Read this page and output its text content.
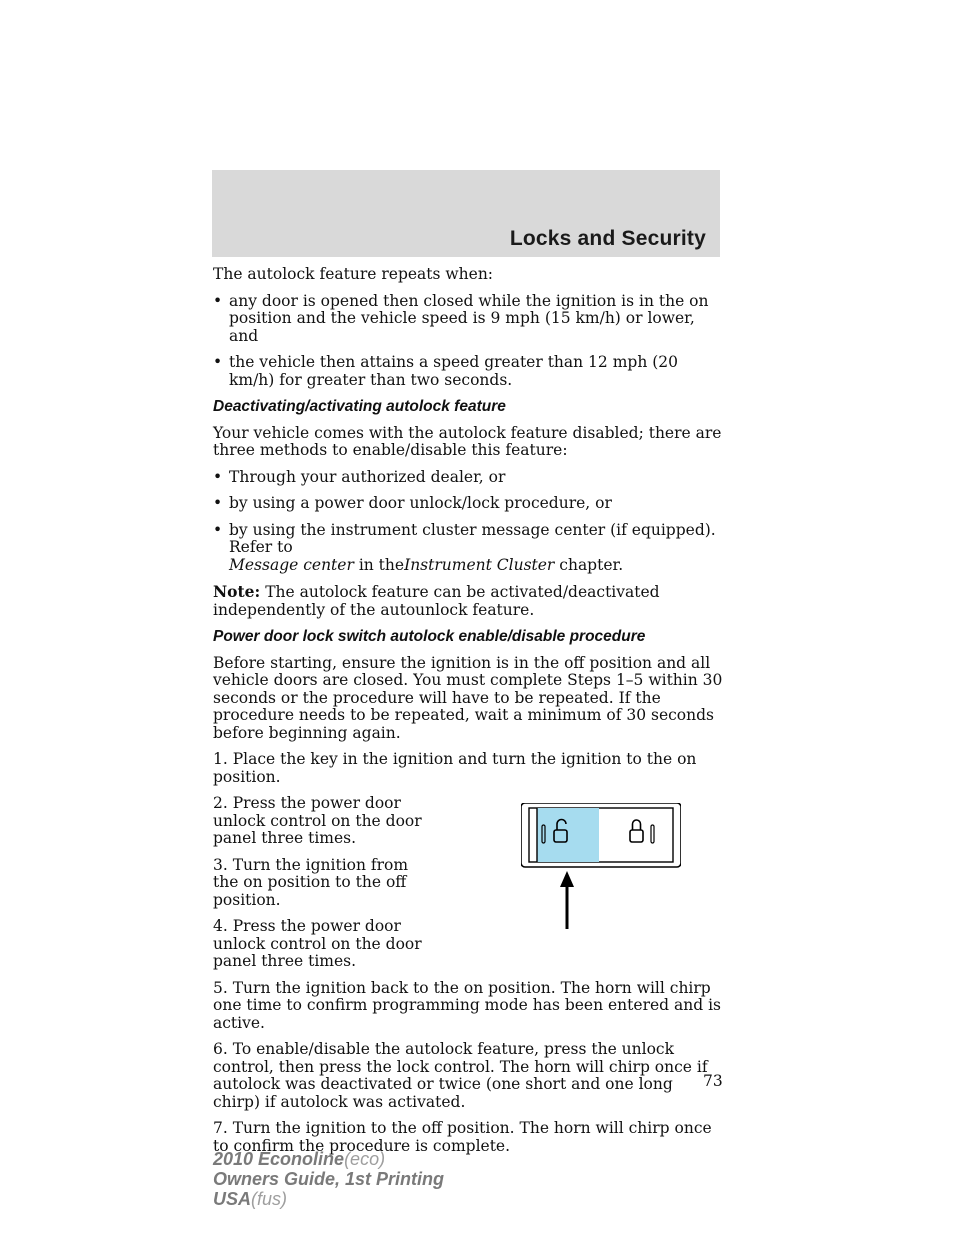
Locks and Security

The autolock feature repeats when:

• any door is opened then closed while the ignition is in the on position and the vehicle speed is 9 mph (15 km/h) or lower, and
• the vehicle then attains a speed greater than 12 mph (20 km/h) for greater than two seconds.
Deactivating/activating autolock feature

Your vehicle comes with the autolock feature disabled; there are three methods to enable/disable this feature:

• Through your authorized dealer, or
• by using a power door unlock/lock procedure, or
• by using the instrument cluster message center (if equipped). Refer to
Message center in theInstrument Cluster chapter.

Note: The autolock feature can be activated/deactivated independently of the autounlock feature.

Power door lock switch autolock enable/disable procedure

Before starting, ensure the ignition is in the off position and all vehicle doors are closed. You must complete Steps 1–5 within 30 seconds or the procedure will have to be repeated. If the procedure needs to be repeated, wait a minimum of 30 seconds before beginning again.

1. Place the key in the ignition and turn the ignition to the on position.

2. Press the power door unlock control on the door panel three times.

3. Turn the ignition from the on position to the off position.

4. Press the power door unlock control on the door panel three times.

5. Turn the ignition back to the on position. The horn will chirp one time to confirm programming mode has been entered and is active.

6. To enable/disable the autolock feature, press the unlock control, then press the lock control. The horn will chirp once if autolock was deactivated or twice (one short and one long chirp) if autolock was activated.

7. Turn the ignition to the off position. The horn will chirp once to confirm the procedure is complete.

73
2010 Econoline(eco)
Owners Guide, 1st Printing
USA(fus)
